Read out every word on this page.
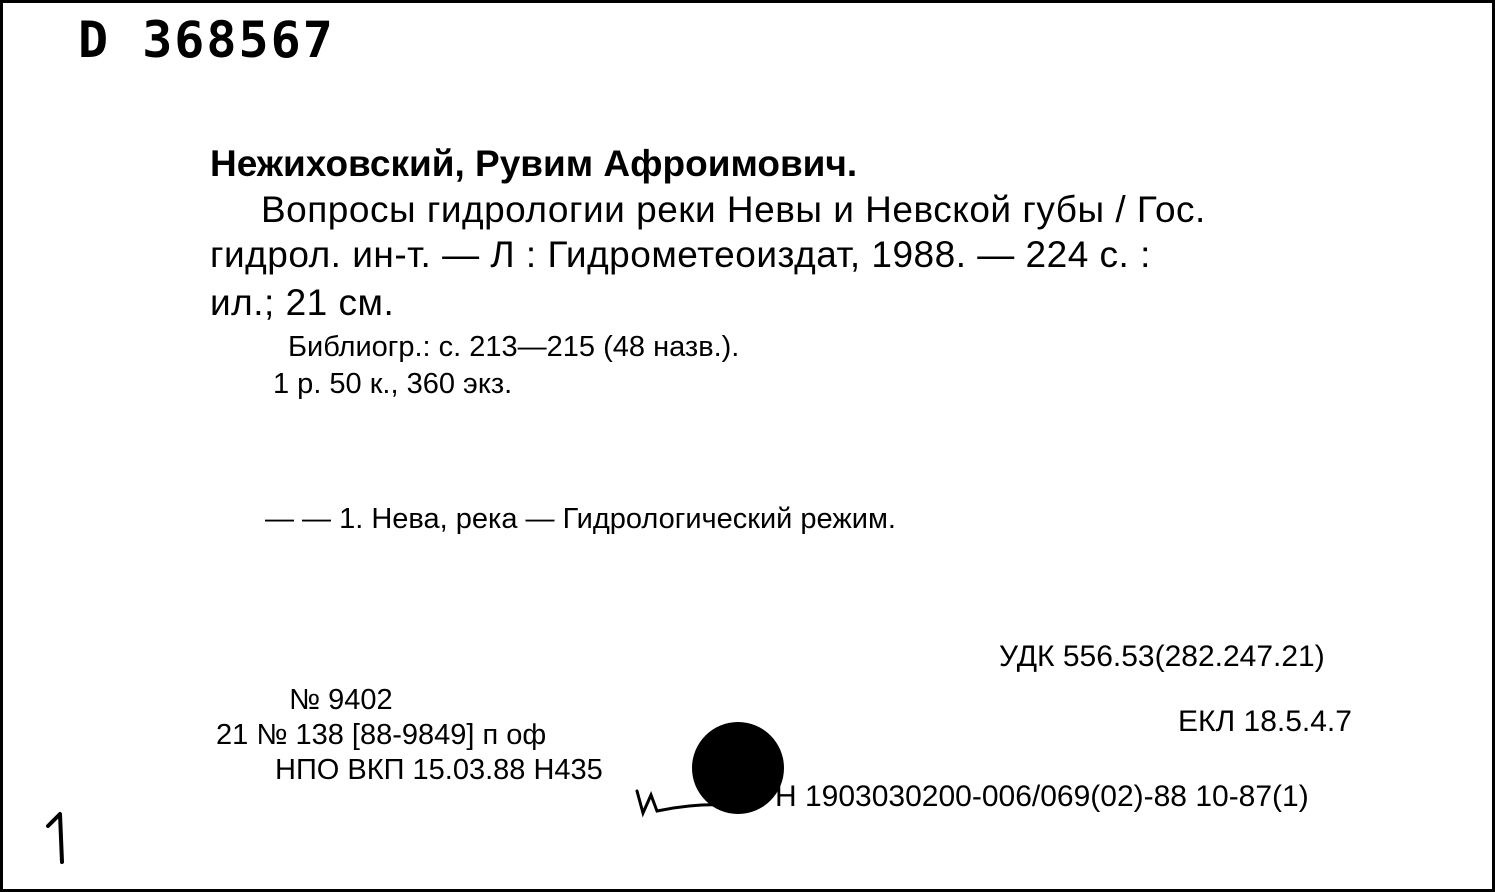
D 368567
Нежиховский, Рувим Афроимович.
Вопросы гидрологии реки Невы и Невской губы / Гос.
гидрол. ин-т. — Л : Гидрометеоиздат, 1988. — 224 с. :
ил.; 21 см.
Библиогр.: с. 213—215 (48 назв.).
1 р. 50 к., 360 экз.
— — 1. Нева, река — Гидрологический режим.
УДК 556.53(282.247.21)
ЕКЛ 18.5.4.7
№ 9402
21 № 138 [88-9849] п оф
НПО ВКП 15.03.88 Н435
Н 1903030200-006/069(02)-88 10-87(1)
